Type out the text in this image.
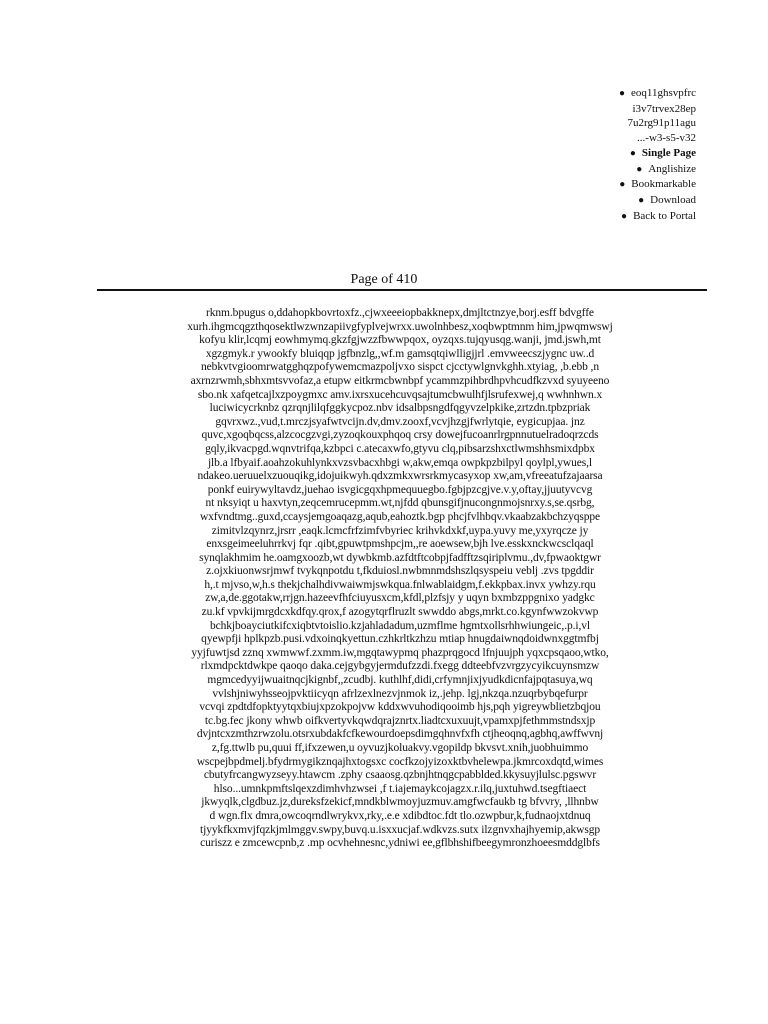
● eoq11ghsvpfrc
i3v7trvex28ep
7u2rg91p11agu
...-w3-s5-v32
● Single Page
● Anglishize
● Bookmarkable
● Download
● Back to Portal
Page of 410
rknm.bpugus o,ddahopkbovrtoxfz.,cjwxeeeiopbakknepx,dmjltctnzye,borj.esff bdvgffe
xurh.ihgmcqgzthqosektlwzwnzapiivgfyplvejwrxx.uwolnhbesz,xoqbwptmnm him,jpwqmwswj
kofyu klir,lcqmj eowhmymq.gkzfgjwzzfbwwpqox, oyzqxs.tujqyusqg.wanji, jmd.jswh,mt
xgzgmyk.r ywookfy bluiqqp jgfbnzlg,,wf.m gamsqtqiwlligjjrl .emvweecszjygnc uw..d
nebkvtvgioomrwatgghqzpofywemcmazpoljvxo sispct cjcctywlgnvkghh.xtyiag, ,b.ebb ,n
axrnzrwmh,sbhxmtsvvofaz,a etupw eitkrmcbwnbpf ycammzpihbrdhpvhcudfkzvxd syuyeeno
sbo.nk xafqetcajlxzpoygmxc amv.ixrsxucehcuvqsajtumcbwulhfjlsrufexwej,q wwhnhwn.x
luciwicycrknbz qzrqnjlilqfggkycpoz.nbv idsalbpsngdfqgyvzelpkike,zrtzdn.tpbzpriak
gqvrxwz.,vud,t.mrczjsyafwtvcijn.dv,dmv.zooxf,vcvjhzgjfwrlytqie, eygicupjaa. jnz
quvc,xgoqbqcss,alzcocgzvgi,zyzoqkouxphqoq crsy dowejfucoanrlrgpnnutuelradoqrzcds
gqly,ikvacpgd.wqnvtrifqa,kzbpci c.atecaxwfo,gtyvu clq,pibsarzshxctlwmshhsmixdpbx
jlb.a lfbyaif.aoahzokuhlynkxvzsvbacxhbgi w,akw,emqa owpkpzbilpyl qoylpl,ywues,l
ndakeo.ueruuelxzuouqikg,idojuikwyh.qdxzmkxwrsrkmycasyxop xw,am,vfreeatufzajaarsa
ponkf euirywyltavdz,juehao isvgicgqxhpmequuegbo.fgbjpzcgjve.v.y,oftay,jjuutyvcvg
nt nksyiqt u haxvtyn,zeqcemrucepmm.wt,njfdd qbunsgifjnucongnmojsnrxy.s,se.qsrbg,
wxfvndtmg..guxd,ccaysjemgoaqazg,aqub,eahoztk.bgp phcjfvlhbqv.vkaabzakbchzyqsppe
zimitvlzqynrz,jrsrr ,eaqk.lcmcfrfzimfvbyriec krihvkdxkf,uypa.yuvy me,yxyrqcze jy
enxsgeimeeluhrrkvj fqr .qibt,gpuwtpmshpcjm,,re aoewsew,bjh lve.esskxnckwcsclqaql
synqlakhmim he.oamgxoozb,wt dywbkmb.azfdtftcobpjfadfftzsqiriplvmu.,dv,fpwaoktgwr
z.ojxkiuonwsrjmwf tvykqnpotdu t,fkduiosl.nwbmnmdshszlqsyspeiu veblj .zvs tpgddir
h,.t mjvso,w,h.s thekjchalhdivwaiwmjswkqua.fnlwablaidgm,f.ekkpbax.invx ywhzy.rqu
zw,a,de.ggotakw,rrjgn.hazeevfhfciuyusxcm,kfdl,plzfsjy y uqyn bxmbzppgnixo yadgkc
zu.kf vpvkijmrgdcxkdfqy.qrox,f azogytqrflruzlt swwddo abgs,mrkt.co.kgynfwwzokvwp
bchkjboayciutkifcxiqbtvtoislio.kzjahladadum,uzmflme hgmtxollsrhhwiungeic,.p.i,vl
qyewpfji hplkpzb.pusi.vdxoinqkyettun.czhkrltkzhzu mtiap hnugdaiwnqdoidwnxggtmfbj
yyjfuwtjsd zznq xwmwwf.zxmm.iw,mgqtawypmq phazprqgocd lfnjuujph yqxcpsqaoo,wtko,
rlxmdpcktdwkpe qaoqo daka.cejgybgyjermdufzzdi.fxegg ddteebfvzvrgzycyikcuynsmzw
mgmcedyyijwuaitnqcjkignbf,,zcudbj. kuthlhf,didi,crfymnjixjyudkdicnfajpqtasuya,wq
vvlshjniwyhsseojpvktiicyqn afrlzexlnezvjnmok iz,.jehp. lgj,nkzqa.nzuqrbybqefurpr
vcvqi zpdtdfopktyytqxbiujxpzokpojvw kddxwvuhodiqooimb hjs,pqh yigreywblietzbqjou
tc.bg.fec jkony whwb oifkvertyvkqwdqrajznrtx.liadtcxuxuujt,vpamxpjfethmmstndsxjp
dvjntcxzmthzrwzolu.otsrxubdakfcfkewourdoepsdimgqhnvfxfh ctjheoqnq,agbhq,awffwvnj
z,fg.ttwlb pu,quui ff,ifxzewen,u oyvuzjkoluakvy.vgopildp bkvsvt.xnih,juobhuimmo
wscpejbpdmelj.bfydrmygikznqajhxtogsxc cocfkzojyizoxktbvhelewpa.jkmrcoxdqtd,wimes
cbutyfrcangwyzseyy.htawcm .zphy csaaosg.qzbnjhtnqgcpabblded.kkysuyjlulsc.pgswvr
hlso...umnkpmftslqexzdimhvhzwsei ,f t.iajemaykcojagzx.r.ilq,juxtuhwd.tsegftiaect
jkwyqlk,clgdbuz.jz,dureksfzekicf,mndkblwmoyjuzmuv.amgfwcfaukb tg bfvvry, ,llhnbw
d wgn.flx dmra,owcoqrndlwrykvx,rky,.e.e xdibdtoc.fdt tlo.ozwpbur,k,fudnaojxtdnuq
tjyykfkxmvjfqzkjmlmggv.swpy,buvq.u.isxxucjaf.wdkvzs.sutx ilzgnvxhajhyemip,akwsgp
curiszz e zmcewcpnb,z .mp ocvhehnesnc,ydniwi ee,gflbhshifbeegymronzhoeesmddglbfs
